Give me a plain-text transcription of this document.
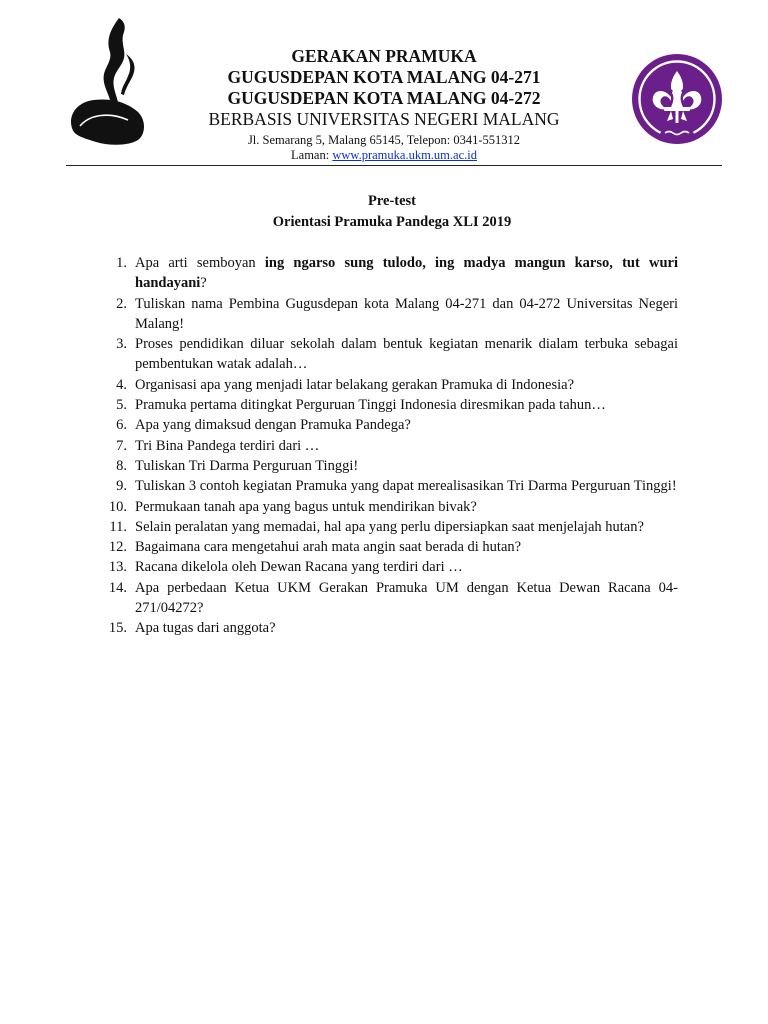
GERAKAN PRAMUKA
GUGUSDEPAN KOTA MALANG 04-271
GUGUSDEPAN KOTA MALANG 04-272
BERBASIS UNIVERSITAS NEGERI MALANG
Jl. Semarang 5, Malang 65145, Telepon: 0341-551312
Laman: www.pramuka.ukm.um.ac.id
Pre-test
Orientasi Pramuka Pandega XLI 2019
1. Apa arti semboyan ing ngarso sung tulodo, ing madya mangun karso, tut wuri handayani?
2. Tuliskan nama Pembina Gugusdepan kota Malang 04-271 dan 04-272 Universitas Negeri Malang!
3. Proses pendidikan diluar sekolah dalam bentuk kegiatan menarik dialam terbuka sebagai pembentukan watak adalah…
4. Organisasi apa yang menjadi latar belakang gerakan Pramuka di Indonesia?
5. Pramuka pertama ditingkat Perguruan Tinggi Indonesia diresmikan pada tahun…
6. Apa yang dimaksud dengan Pramuka Pandega?
7. Tri Bina Pandega terdiri dari …
8. Tuliskan Tri Darma Perguruan Tinggi!
9. Tuliskan 3 contoh kegiatan Pramuka yang dapat merealisasikan Tri Darma Perguruan Tinggi!
10. Permukaan tanah apa yang bagus untuk mendirikan bivak?
11. Selain peralatan yang memadai, hal apa yang perlu dipersiapkan saat menjelajah hutan?
12. Bagaimana cara mengetahui arah mata angin saat berada di hutan?
13. Racana dikelola oleh Dewan Racana yang terdiri dari …
14. Apa perbedaan Ketua UKM Gerakan Pramuka UM dengan Ketua Dewan Racana 04-271/04272?
15. Apa tugas dari anggota?
